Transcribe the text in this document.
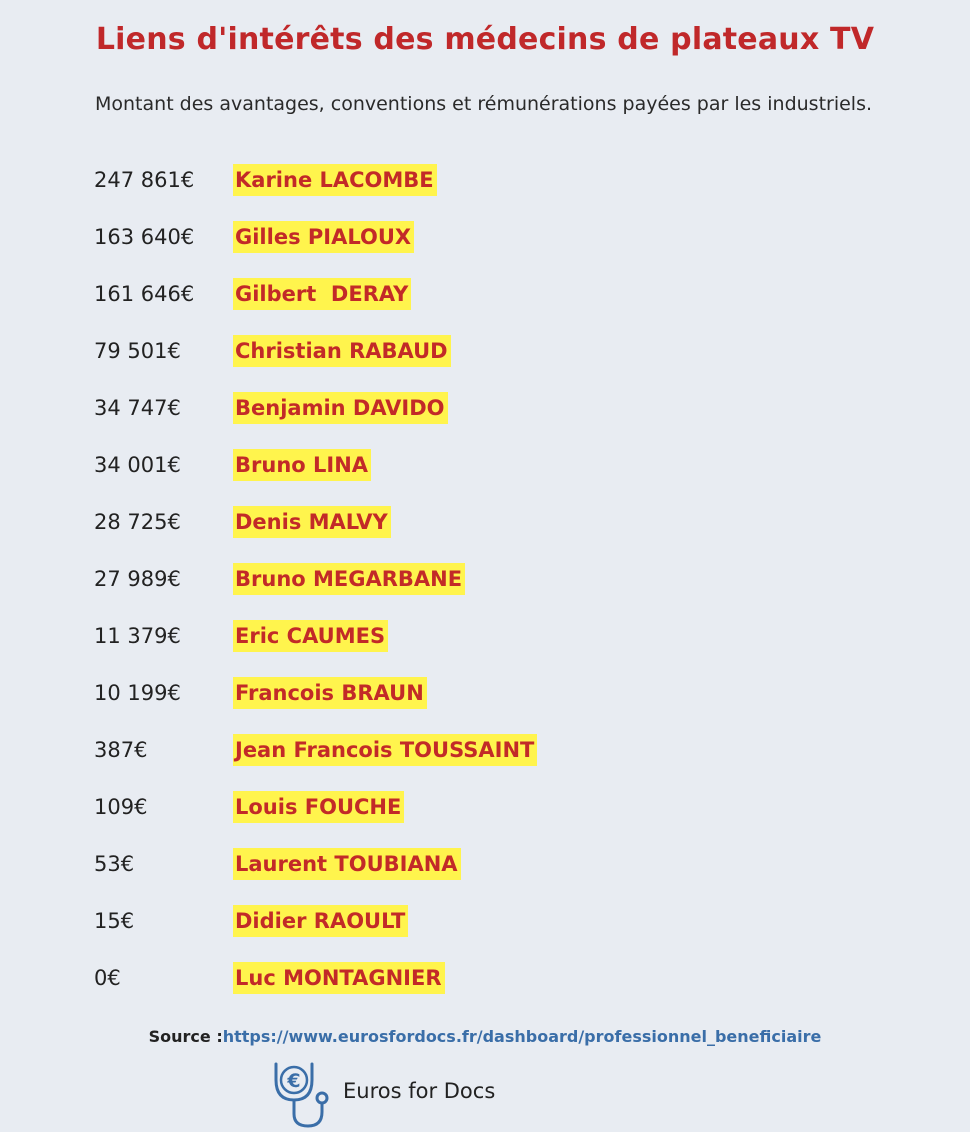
Liens d'intérêts des médecins de plateaux TV
Montant des avantages, conventions et rémunérations payées par les industriels.
247 861€ Karine LACOMBE
163 640€ Gilles PIALOUX
161 646€ Gilbert  DERAY
79 501€	Christian RABAUD
34 747€	Benjamin DAVIDO
34 001€	Bruno LINA
28 725€	Denis MALVY
27 989€	Bruno MEGARBANE
11 379€	Eric CAUMES
10 199€	Francois BRAUN
387€	Jean Francois TOUSSAINT
109€	Louis FOUCHE
53€	Laurent TOUBIANA
15€	Didier RAOULT
0€	Luc MONTAGNIER
Source :https://www.eurosfordocs.fr/dashboard/professionnel_beneficiaire
€ Euros for Docs
